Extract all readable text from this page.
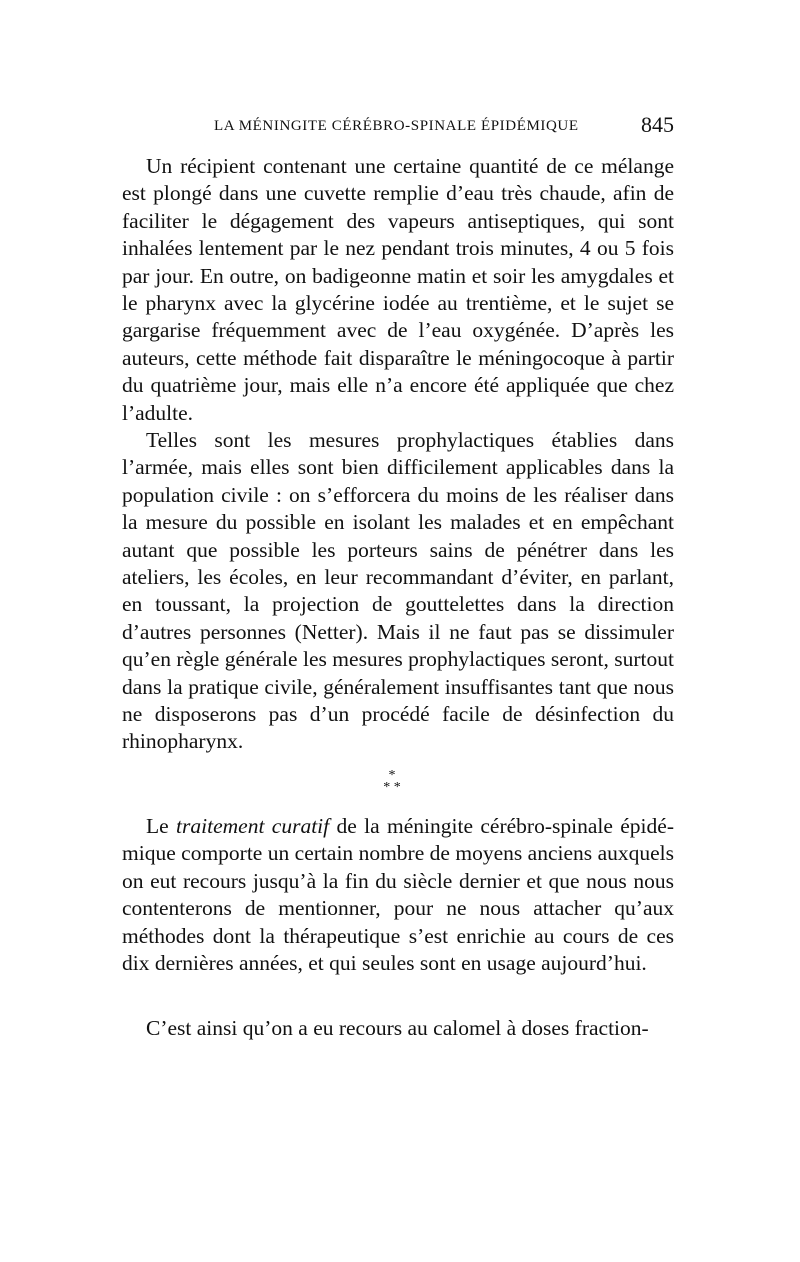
LA MÉNINGITE CÉRÉBRO-SPINALE ÉPIDÉMIQUE	845

Un récipient contenant une certaine quantité de ce mélange est plongé dans une cuvette remplie d’eau très chaude, afin de faciliter le dégagement des vapeurs antiseptiques, qui sont inhalées lentement par le nez pendant trois minutes, 4 ou 5 fois par jour. En outre, on badigeonne matin et soir les amygdales et le pharynx avec la glycérine iodée au trentième, et le sujet se gargarise fréquemment avec de l’eau oxygénée. D’après les auteurs, cette méthode fait disparaître le méningocoque à partir du quatrième jour, mais elle n’a encore été appliquée que chez l’adulte.

Telles sont les mesures prophylactiques établies dans l’armée, mais elles sont bien difficilement applicables dans la population civile : on s’efforcera du moins de les réaliser dans la mesure du possible en isolant les malades et en empêchant autant que possible les porteurs sains de pénétrer dans les ateliers, les écoles, en leur recommandant d’éviter, en parlant, en toussant, la projection de gouttelettes dans la direction d’autres personnes (Netter). Mais il ne faut pas se dissimuler qu’en règle générale les mesures prophylactiques seront, surtout dans la pratique civile, généralement insuffisantes tant que nous ne disposerons pas d’un procédé facile de désinfection du rhinopharynx.

*
* *

Le traitement curatif de la méningite cérébro-spinale épidémique comporte un certain nombre de moyens anciens auxquels on eut recours jusqu’à la fin du siècle dernier et que nous nous contenterons de mentionner, pour ne nous attacher qu’aux méthodes dont la thérapeutique s’est enrichie au cours de ces dix dernières années, et qui seules sont en usage aujourd’hui.

C’est ainsi qu’on a eu recours au calomel à doses fraction-
